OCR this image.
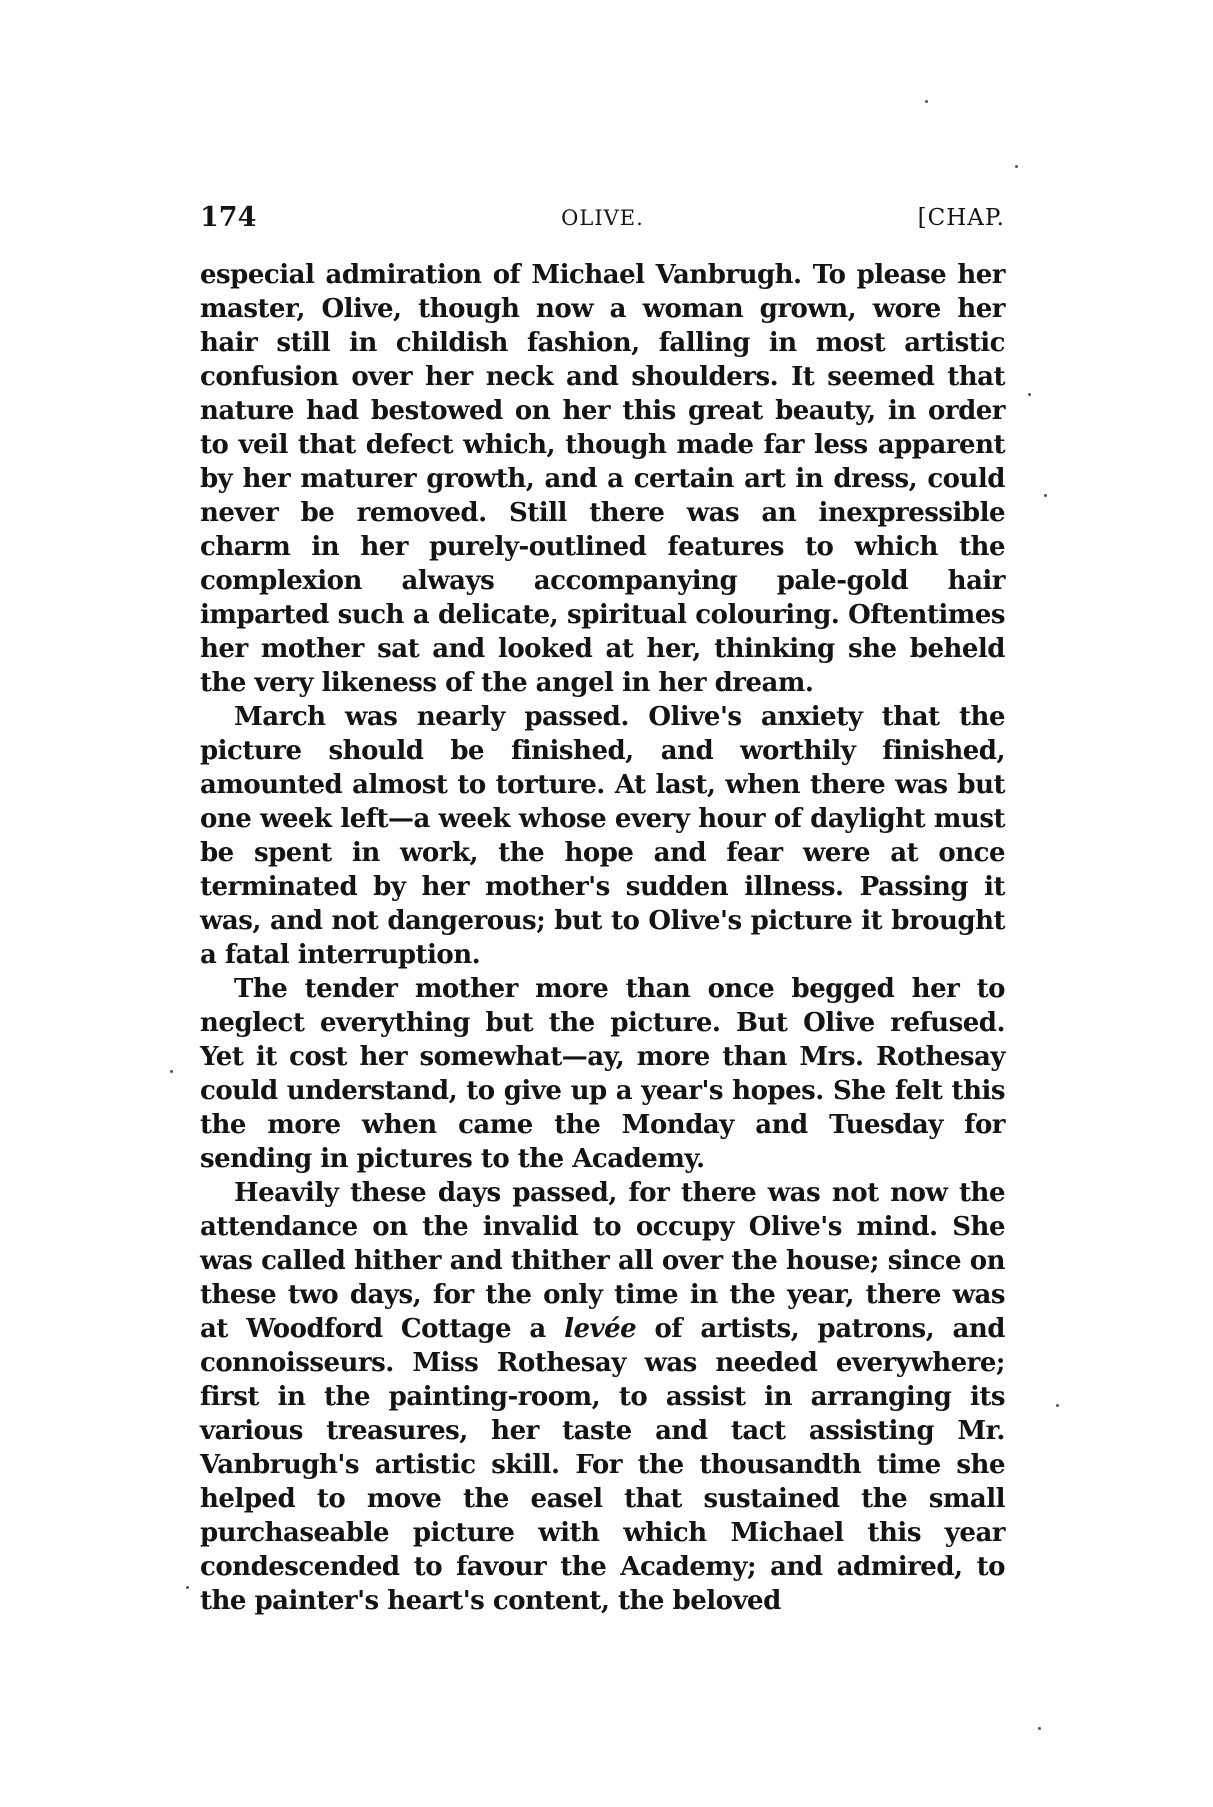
174	OLIVE.	[CHAP.

especial admiration of Michael Vanbrugh. To please her master, Olive, though now a woman grown, wore her hair still in childish fashion, falling in most artistic confusion over her neck and shoulders. It seemed that nature had bestowed on her this great beauty, in order to veil that defect which, though made far less apparent by her maturer growth, and a certain art in dress, could never be removed. Still there was an inexpressible charm in her purely-outlined features to which the complexion always accompanying pale-gold hair imparted such a delicate, spiritual colouring. Oftentimes her mother sat and looked at her, thinking she beheld the very likeness of the angel in her dream.

March was nearly passed. Olive's anxiety that the picture should be finished, and worthily finished, amounted almost to torture. At last, when there was but one week left—a week whose every hour of daylight must be spent in work, the hope and fear were at once terminated by her mother's sudden illness. Passing it was, and not dangerous; but to Olive's picture it brought a fatal interruption.

The tender mother more than once begged her to neglect everything but the picture. But Olive refused. Yet it cost her somewhat—ay, more than Mrs. Rothesay could understand, to give up a year's hopes. She felt this the more when came the Monday and Tuesday for sending in pictures to the Academy.

Heavily these days passed, for there was not now the attendance on the invalid to occupy Olive's mind. She was called hither and thither all over the house; since on these two days, for the only time in the year, there was at Woodford Cottage a levée of artists, patrons, and connoisseurs. Miss Rothesay was needed everywhere; first in the painting-room, to assist in arranging its various treasures, her taste and tact assisting Mr. Vanbrugh's artistic skill. For the thousandth time she helped to move the easel that sustained the small purchaseable picture with which Michael this year condescended to favour the Academy; and admired, to the painter's heart's content, the beloved
